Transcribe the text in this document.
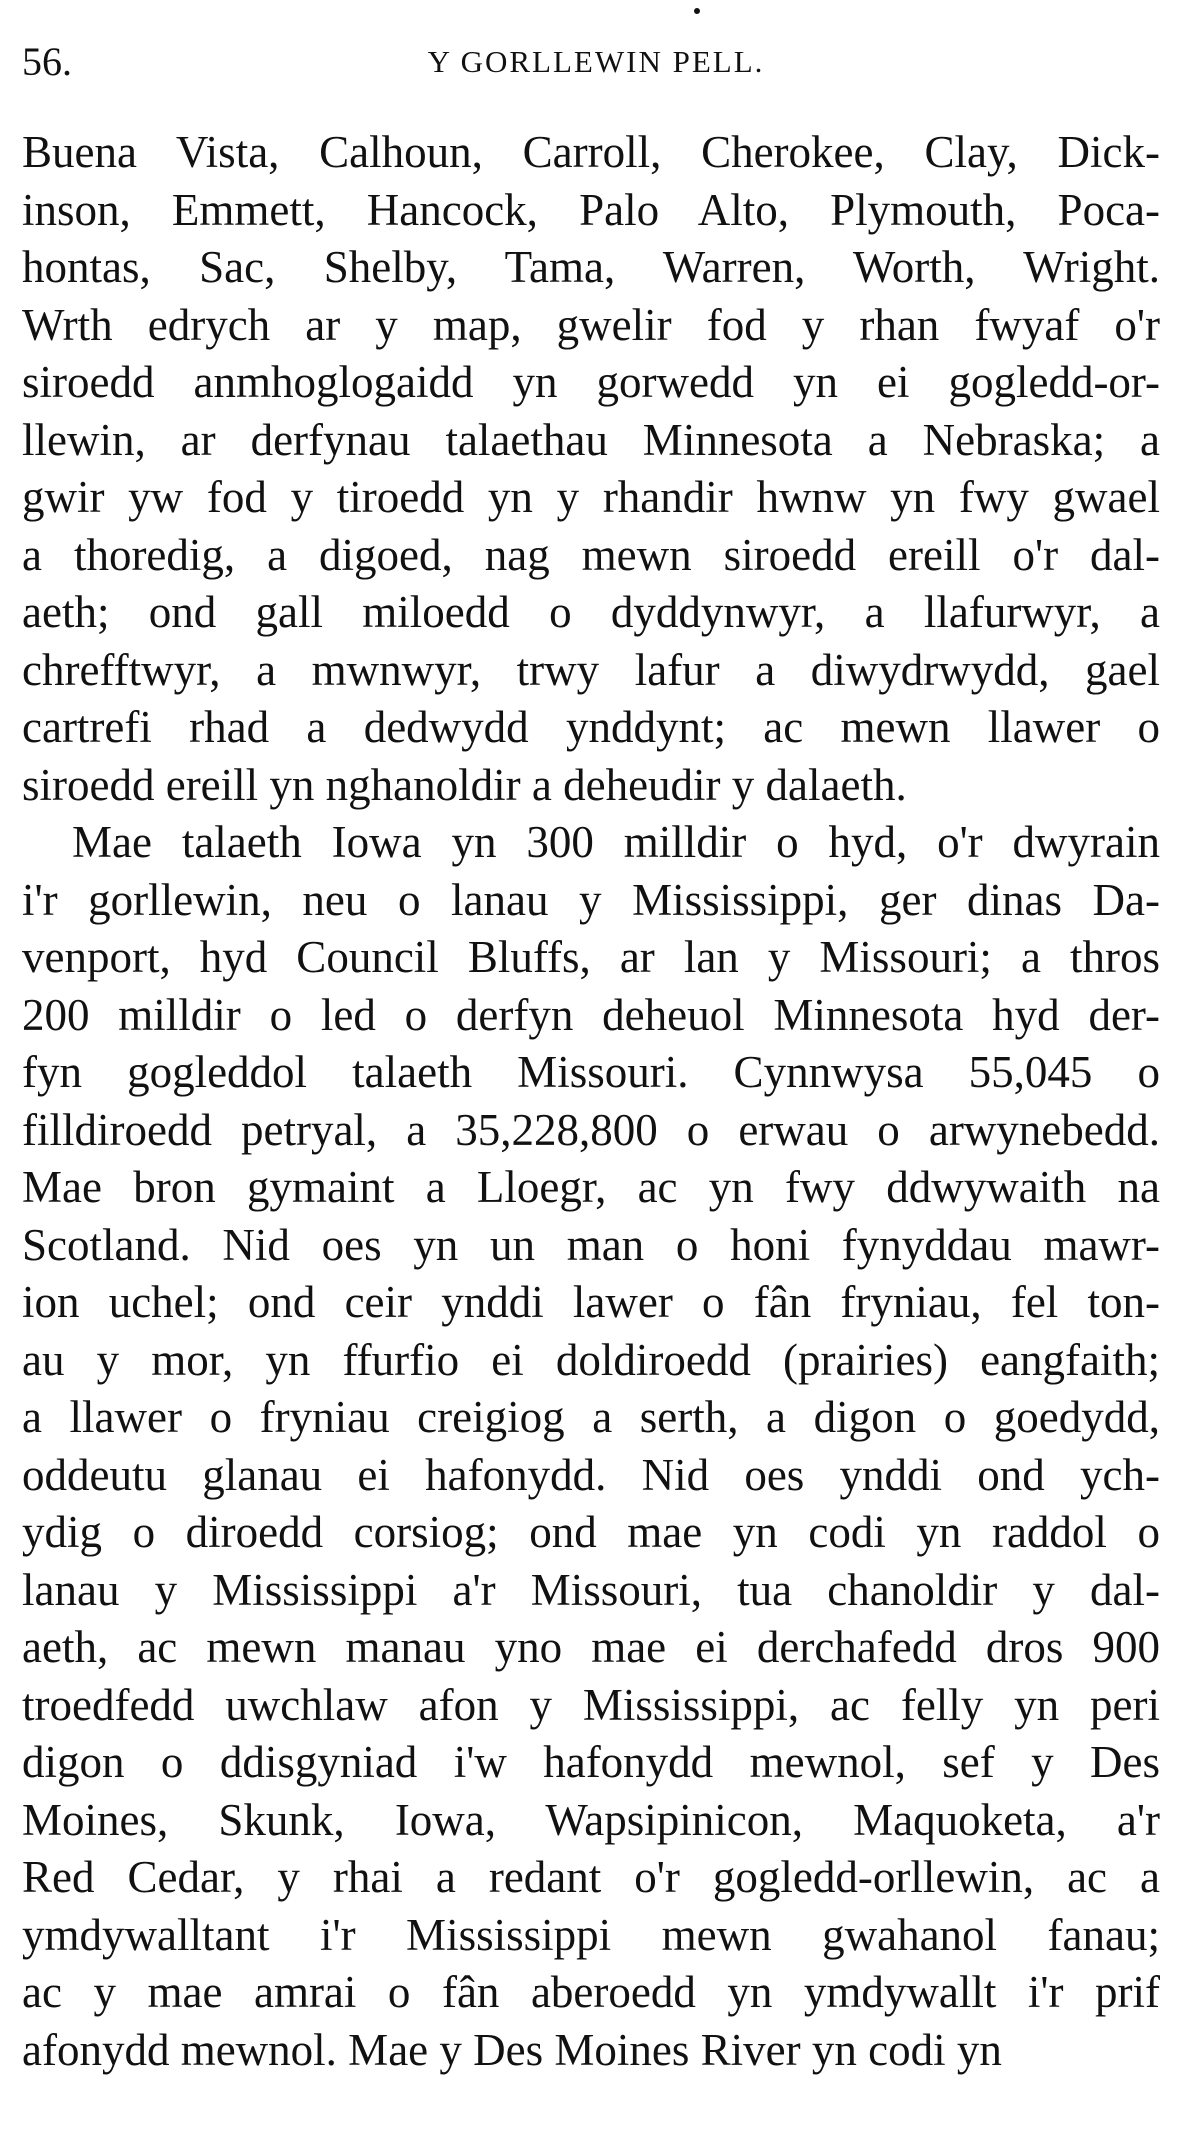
56.	Y GORLLEWIN PELL.
Buena Vista, Calhoun, Carroll, Cherokee, Clay, Dick-
inson, Emmett, Hancock, Palo Alto, Plymouth, Poca-
hontas, Sac, Shelby, Tama, Warren, Worth, Wright.
Wrth edrych ar y map, gwelir fod y rhan fwyaf o'r
siroedd anmhoglogaidd yn gorwedd yn ei gogledd-or-
llewin, ar derfynau talaethau Minnesota a Nebraska; a
gwir yw fod y tiroedd yn y rhandir hwnw yn fwy gwael
a thoredig, a digoed, nag mewn siroedd ereill o'r dal-
aeth; ond gall miloedd o dyddynwyr, a llafurwyr, a
chrefftwyr, a mwnwyr, trwy lafur a diwydrwydd, gael
cartrefi rhad a dedwydd ynddynt; ac mewn llawer o
siroedd ereill yn nghanoldir a deheudir y dalaeth.
Mae talaeth Iowa yn 300 milldir o hyd, o'r dwyrain
i'r gorllewin, neu o lanau y Mississippi, ger dinas Da-
venport, hyd Council Bluffs, ar lan y Missouri; a thros
200 milldir o led o derfyn deheuol Minnesota hyd der-
fyn gogleddol talaeth Missouri. Cynnwysa 55,045 o
filldiroedd petryal, a 35,228,800 o erwau o arwynebedd.
Mae bron gymaint a Lloegr, ac yn fwy ddwywaith na
Scotland. Nid oes yn un man o honi fynyddau mawr-
ion uchel; ond ceir ynddi lawer o fân fryniau, fel ton-
au y mor, yn ffurfio ei doldiroedd (prairies) eangfaith;
a llawer o fryniau creigiog a serth, a digon o goedydd,
oddeutu glanau ei hafonydd. Nid oes ynddi ond ych-
ydig o diroedd corsiog; ond mae yn codi yn raddol o
lanau y Mississippi a'r Missouri, tua chanoldir y dal-
aeth, ac mewn manau yno mae ei derchafedd dros 900
troedfedd uwchlaw afon y Mississippi, ac felly yn peri
digon o ddisgyniad i'w hafonydd mewnol, sef y Des
Moines, Skunk, Iowa, Wapsipinicon, Maquoketa, a'r
Red Cedar, y rhai a redant o'r gogledd-orllewin, ac a
ymdywalltant i'r Mississippi mewn gwahanol fanau;
ac y mae amrai o fân aberoedd yn ymdywallt i'r prif
afonydd mewnol. Mae y Des Moines River yn codi yn
